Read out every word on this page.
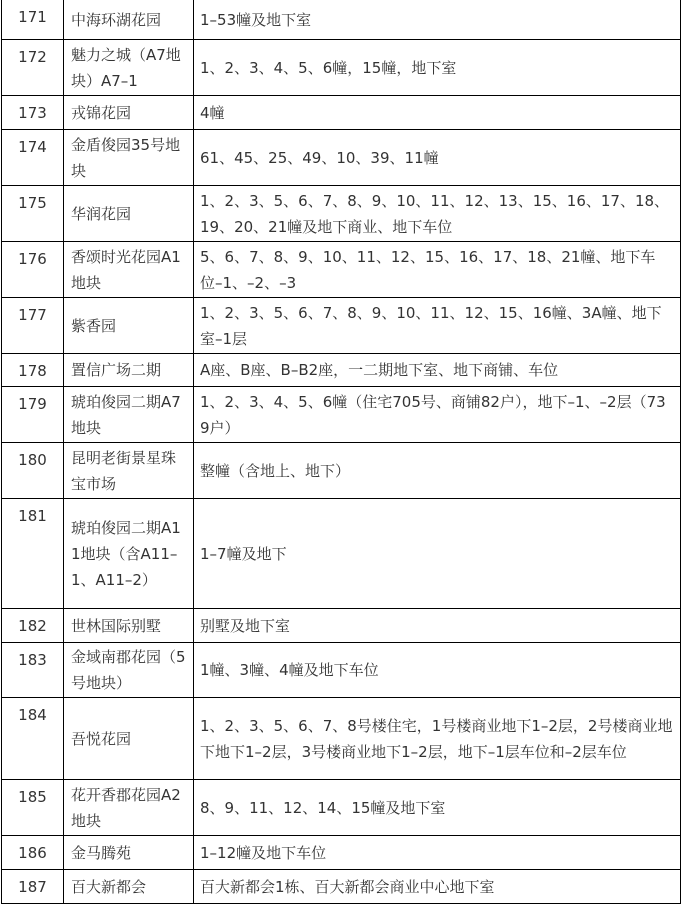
171	中海环湖花园	1–53幢及地下室
172	魅力之城（A7地块）A7–1	1、2、3、4、5、6幢，15幢，地下室
173	戎锦花园	4幢
174	金盾俊园35号地块	61、45、25、49、10、39、11幢
175	华润花园	1、2、3、5、6、7、8、9、10、11、12、13、15、16、17、18、19、20、21幢及地下商业、地下车位
176	香颂时光花园A1地块	5、6、7、8、9、10、11、12、15、16、17、18、21幢、地下车位–1、–2、–3
177	紫香园	1、2、3、5、6、7、8、9、10、11、12、15、16幢、3A幢、地下室–1层
178	置信广场二期	A座、B座、B–B2座，一二期地下室、地下商铺、车位
179	琥珀俊园二期A7地块	1、2、3、4、5、6幢（住宅705号、商铺82户），地下–1、–2层（739户）
180	昆明老街景星珠宝市场	整幢（含地上、地下）
181	琥珀俊园二期A11地块（含A11–1、A11–2）	1–7幢及地下
182	世林国际别墅	别墅及地下室
183	金域南郡花园（5号地块）	1幢、3幢、4幢及地下车位
184	吾悦花园	1、2、3、5、6、7、8号楼住宅，1号楼商业地下1–2层，2号楼商业地下地下1–2层，3号楼商业地下1–2层，地下–1层车位和–2层车位
185	花开香郡花园A2地块	8、9、11、12、14、15幢及地下室
186	金马腾苑	1–12幢及地下车位
187	百大新都会	百大新都会1栋、百大新都会商业中心地下室
